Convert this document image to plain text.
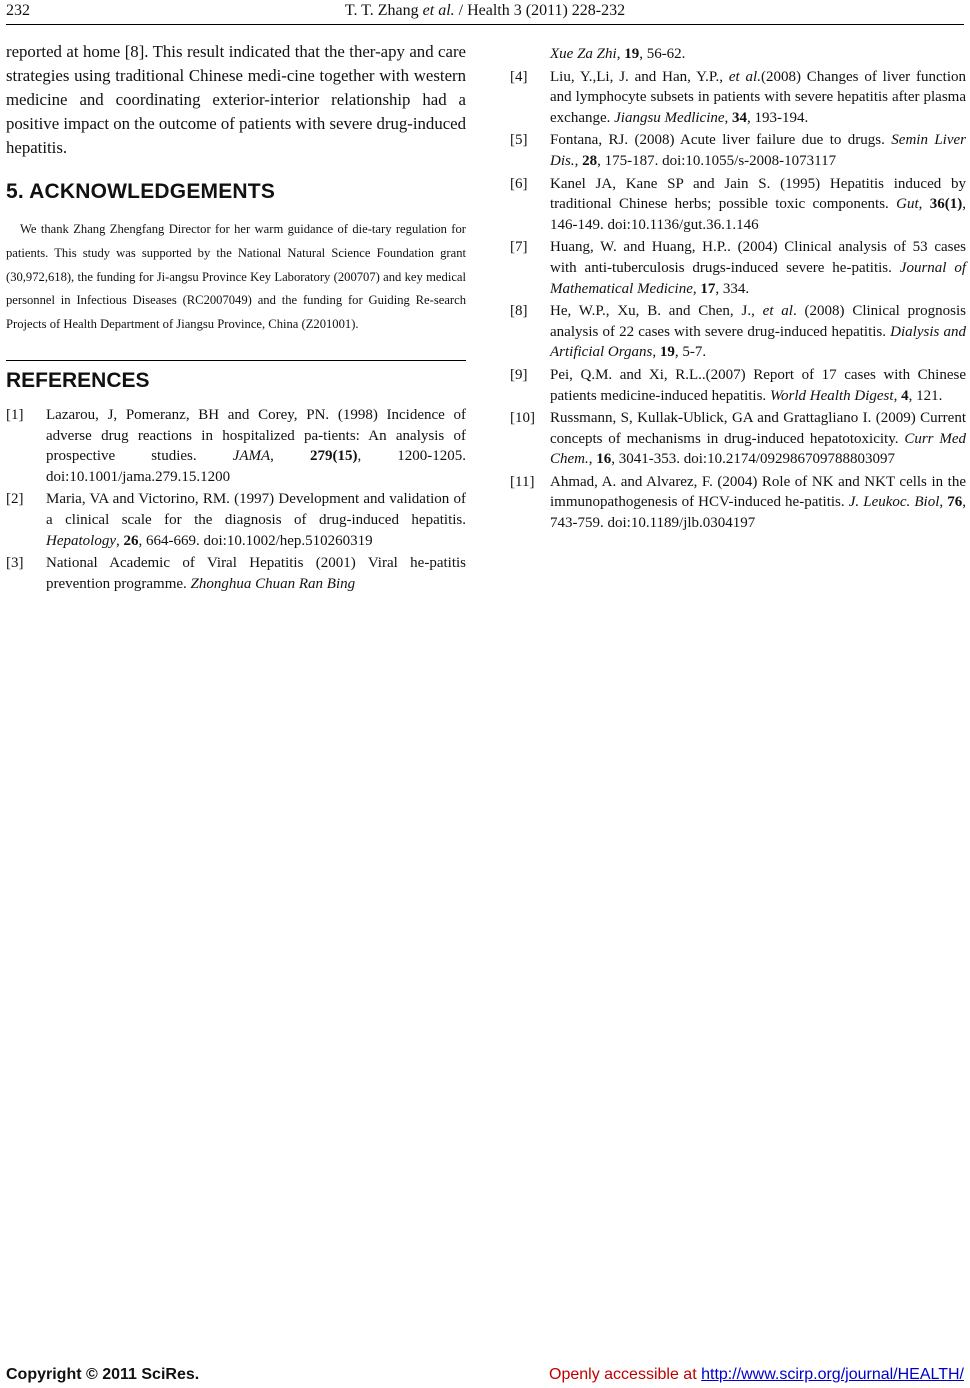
232	T. T. Zhang et al. / Health 3 (2011) 228-232

reported at home [8]. This result indicated that the ther-apy and care strategies using traditional Chinese medi-cine together with western medicine and coordinating exterior-interior relationship had a positive impact on the outcome of patients with severe drug-induced hepatitis.

5. ACKNOWLEDGEMENTS

We thank Zhang Zhengfang Director for her warm guidance of die-tary regulation for patients. This study was supported by the National Natural Science Foundation grant (30,972,618), the funding for Ji-angsu Province Key Laboratory (200707) and key medical personnel in Infectious Diseases (RC2007049) and the funding for Guiding Re-search Projects of Health Department of Jiangsu Province, China (Z201001).

REFERENCES
[1] Lazarou, J, Pomeranz, BH and Corey, PN. (1998) Incidence of adverse drug reactions in hospitalized pa-tients: An analysis of prospective studies. JAMA, 279(15), 1200-1205. doi:10.1001/jama.279.15.1200
[2] Maria, VA and Victorino, RM. (1997) Development and validation of a clinical scale for the diagnosis of drug-induced hepatitis. Hepatology, 26, 664-669. doi:10.1002/hep.510260319
[3] National Academic of Viral Hepatitis (2001) Viral he-patitis prevention programme. Zhonghua Chuan Ran Bing

Xue Za Zhi, 19, 56-62.

[4] Liu, Y.,Li, J. and Han, Y.P., et al.(2008) Changes of liver function and lymphocyte subsets in patients with severe hepatitis after plasma exchange. Jiangsu Medlicine, 34, 193-194.
[5] Fontana, RJ. (2008) Acute liver failure due to drugs. Semin Liver Dis., 28, 175-187. doi:10.1055/s-2008-1073117
[6] Kanel JA, Kane SP and Jain S. (1995) Hepatitis induced by traditional Chinese herbs; possible toxic components. Gut, 36(1), 146-149. doi:10.1136/gut.36.1.146
[7] Huang, W. and Huang, H.P.. (2004) Clinical analysis of 53 cases with anti-tuberculosis drugs-induced severe he-patitis. Journal of Mathematical Medicine, 17, 334.
[8] He, W.P., Xu, B. and Chen, J., et al. (2008) Clinical prognosis analysis of 22 cases with severe drug-induced hepatitis. Dialysis and Artificial Organs, 19, 5-7.
[9] Pei, Q.M. and Xi, R.L..(2007) Report of 17 cases with Chinese patients medicine-induced hepatitis. World Health Digest, 4, 121.
[10] Russmann, S, Kullak-Ublick, GA and Grattagliano I. (2009) Current concepts of mechanisms in drug-induced hepatotoxicity. Curr Med Chem., 16, 3041-353. doi:10.2174/092986709788803097
[11] Ahmad, A. and Alvarez, F. (2004) Role of NK and NKT cells in the immunopathogenesis of HCV-induced he-patitis. J. Leukoc. Biol, 76, 743-759. doi:10.1189/jlb.0304197
Copyright © 2011 SciRes.	Openly accessible at http://www.scirp.org/journal/HEALTH/
